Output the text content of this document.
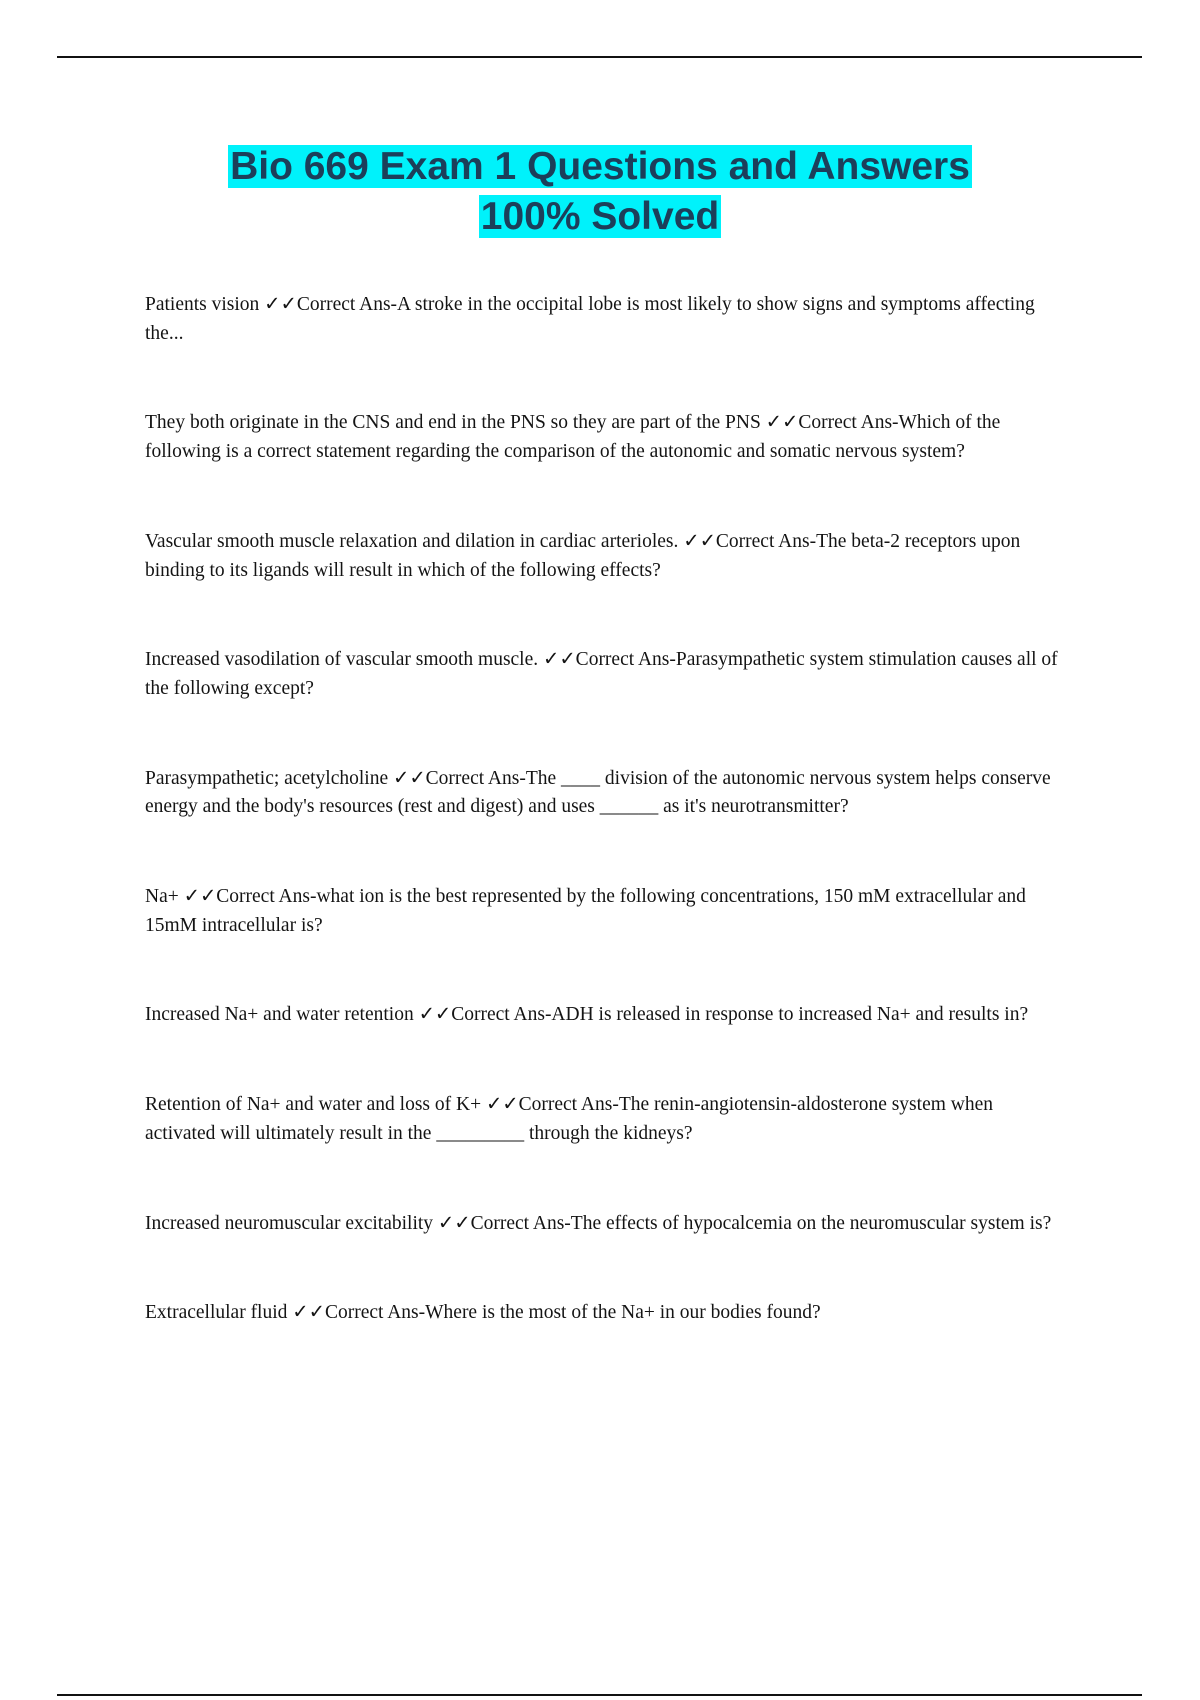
Bio 669 Exam 1 Questions and Answers
100% Solved
Patients vision ✓✓Correct Ans-A stroke in the occipital lobe is most likely to show signs and symptoms affecting the...
They both originate in the CNS and end in the PNS so they are part of the PNS ✓✓Correct Ans-Which of the following is a correct statement regarding the comparison of the autonomic and somatic nervous system?
Vascular smooth muscle relaxation and dilation in cardiac arterioles. ✓✓Correct Ans-The beta-2 receptors upon binding to its ligands will result in which of the following effects?
Increased vasodilation of vascular smooth muscle. ✓✓Correct Ans-Parasympathetic system stimulation causes all of the following except?
Parasympathetic; acetylcholine ✓✓Correct Ans-The ____ division of the autonomic nervous system helps conserve energy and the body's resources (rest and digest) and uses ______ as it's neurotransmitter?
Na+ ✓✓Correct Ans-what ion is the best represented by the following concentrations, 150 mM extracellular and 15mM intracellular is?
Increased Na+ and water retention ✓✓Correct Ans-ADH is released in response to increased Na+ and results in?
Retention of Na+ and water and loss of K+ ✓✓Correct Ans-The renin-angiotensin-aldosterone system when activated will ultimately result in the _________ through the kidneys?
Increased neuromuscular excitability ✓✓Correct Ans-The effects of hypocalcemia on the neuromuscular system is?
Extracellular fluid ✓✓Correct Ans-Where is the most of the Na+ in our bodies found?
